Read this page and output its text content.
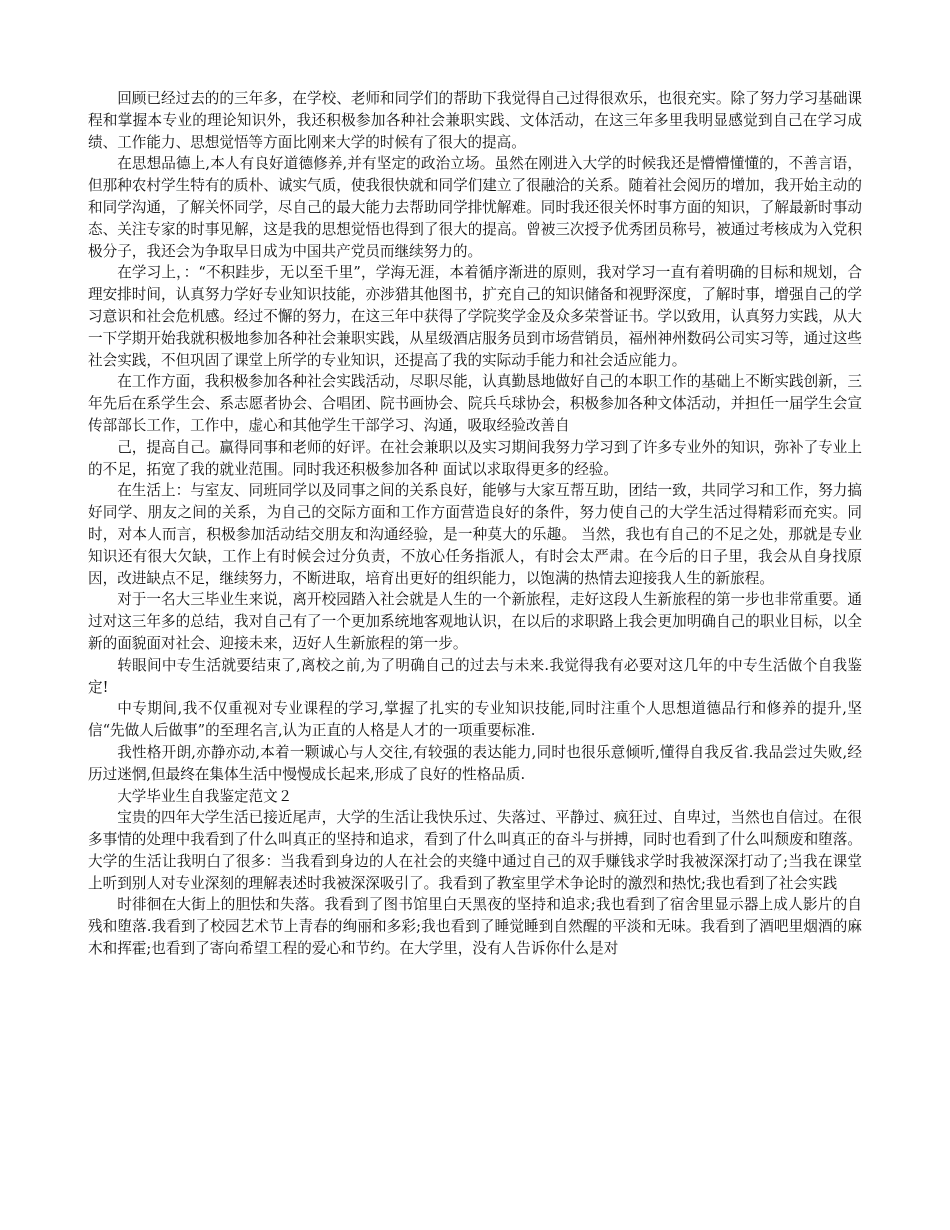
回顾已经过去的的三年多，在学校、老师和同学们的帮助下我觉得自己过得很欢乐，也很充实。除了努力学习基础课程和掌握本专业的理论知识外，我还积极参加各种社会兼职实践、文体活动，在这三年多里我明显感觉到自己在学习成绩、工作能力、思想觉悟等方面比刚来大学的时候有了很大的提高。

在思想品德上,本人有良好道德修养,并有坚定的政治立场。虽然在刚进入大学的时候我还是懵懵懂懂的，不善言语，但那种农村学生特有的质朴、诚实气质，使我很快就和同学们建立了很融洽的关系。随着社会阅历的增加，我开始主动的和同学沟通，了解关怀同学，尽自己的最大能力去帮助同学排忧解难。同时我还很关怀时事方面的知识，了解最新时事动态、关注专家的时事见解，这是我的思想觉悟也得到了很大的提高。曾被三次授予优秀团员称号，被通过考核成为入党积极分子，我还会为争取早日成为中国共产党员而继续努力的。

在学习上，：“不积跬步，无以至千里”，学海无涯，本着循序渐进的原则，我对学习一直有着明确的目标和规划，合理安排时间，认真努力学好专业知识技能，亦涉猎其他图书，扩充自己的知识储备和视野深度，了解时事，增强自己的学习意识和社会危机感。经过不懈的努力，在这三年中获得了学院奖学金及众多荣誉证书。学以致用，认真努力实践，从大一下学期开始我就积极地参加各种社会兼职实践，从星级酒店服务员到市场营销员，福州神州数码公司实习等，通过这些社会实践，不但巩固了课堂上所学的专业知识，还提高了我的实际动手能力和社会适应能力。

在工作方面，我积极参加各种社会实践活动，尽职尽能，认真勤恳地做好自己的本职工作的基础上不断实践创新，三年先后在系学生会、系志愿者协会、合唱团、院书画协会、院兵乓球协会，积极参加各种文体活动，并担任一届学生会宣传部部长工作，工作中，虚心和其他学生干部学习、沟通，吸取经验改善自

己，提高自己。赢得同事和老师的好评。在社会兼职以及实习期间我努力学习到了许多专业外的知识，弥补了专业上的不足，拓宽了我的就业范围。同时我还积极参加各种 面试以求取得更多的经验。

在生活上：与室友、同班同学以及同事之间的关系良好，能够与大家互帮互助，团结一致，共同学习和工作，努力搞好同学、朋友之间的关系，为自己的交际方面和工作方面营造良好的条件，努力使自己的大学生活过得精彩而充实。同时，对本人而言，积极参加活动结交朋友和沟通经验，是一种莫大的乐趣。 当然，我也有自己的不足之处，那就是专业知识还有很大欠缺，工作上有时候会过分负责，不放心任务指派人，有时会太严肃。在今后的日子里，我会从自身找原因，改进缺点不足，继续努力，不断进取，培育出更好的组织能力，以饱满的热情去迎接我人生的新旅程。

对于一名大三毕业生来说，离开校园踏入社会就是人生的一个新旅程，走好这段人生新旅程的第一步也非常重要。通过对这三年多的总结，我对自己有了一个更加系统地客观地认识，在以后的求职路上我会更加明确自己的职业目标，以全新的面貌面对社会、迎接未来，迈好人生新旅程的第一步。

转眼间中专生活就要结束了,离校之前,为了明确自己的过去与未来.我觉得我有必要对这几年的中专生活做个自我鉴定!

中专期间,我不仅重视对专业课程的学习,掌握了扎实的专业知识技能,同时注重个人思想道德品行和修养的提升,坚信“先做人后做事”的至理名言,认为正直的人格是人才的一项重要标准.

我性格开朗,亦静亦动,本着一颗诚心与人交往,有较强的表达能力,同时也很乐意倾听,懂得自我反省.我品尝过失败,经历过迷惘,但最终在集体生活中慢慢成长起来,形成了良好的性格品质.

大学毕业生自我鉴定范文２

宝贵的四年大学生活已接近尾声，大学的生活让我快乐过、失落过、平静过、疯狂过、自卑过，当然也自信过。在很多事情的处理中我看到了什么叫真正的坚持和追求，看到了什么叫真正的奋斗与拼搏，同时也看到了什么叫颓废和堕落。大学的生活让我明白了很多：当我看到身边的人在社会的夹缝中通过自己的双手赚钱求学时我被深深打动了;当我在课堂上听到别人对专业深刻的理解表述时我被深深吸引了。我看到了教室里学术争论时的激烈和热忱;我也看到了社会实践

时徘徊在大街上的胆怯和失落。我看到了图书馆里白天黑夜的坚持和追求;我也看到了宿舍里显示器上成人影片的自残和堕落.我看到了校园艺术节上青春的绚丽和多彩;我也看到了睡觉睡到自然醒的平淡和无味。我看到了酒吧里烟酒的麻木和挥霍;也看到了寄向希望工程的爱心和节约。在大学里，没有人告诉你什么是对
